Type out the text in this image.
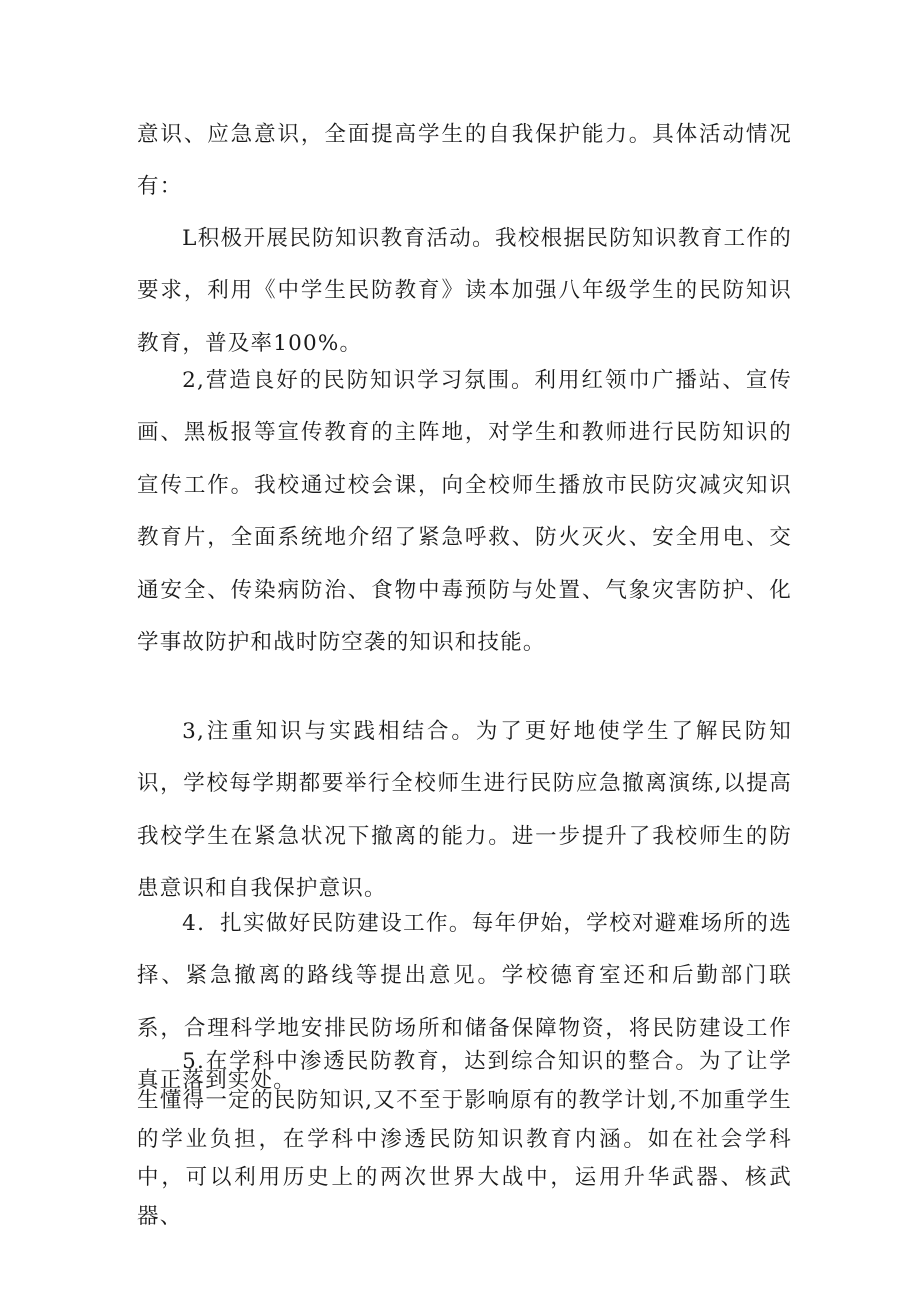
意识、应急意识，全面提高学生的自我保护能力。具体活动情况有：

L积极开展民防知识教育活动。我校根据民防知识教育工作的要求，利用《中学生民防教育》读本加强八年级学生的民防知识教育，普及率100%。

2,营造良好的民防知识学习氛围。利用红领巾广播站、宣传画、黑板报等宣传教育的主阵地，对学生和教师进行民防知识的宣传工作。我校通过校会课，向全校师生播放市民防灾减灾知识教育片，全面系统地介绍了紧急呼救、防火灭火、安全用电、交通安全、传染病防治、食物中毒预防与处置、气象灾害防护、化学事故防护和战时防空袭的知识和技能。

3,注重知识与实践相结合。为了更好地使学生了解民防知识，学校每学期都要举行全校师生进行民防应急撤离演练,以提高我校学生在紧急状况下撤离的能力。进一步提升了我校师生的防患意识和自我保护意识。

4．扎实做好民防建设工作。每年伊始，学校对避难场所的选择、紧急撤离的路线等提出意见。学校德育室还和后勤部门联系，合理科学地安排民防场所和储备保障物资，将民防建设工作真正落到实处。

5.在学科中渗透民防教育，达到综合知识的整合。为了让学生懂得一定的民防知识,又不至于影响原有的教学计划,不加重学生的学业负担，在学科中渗透民防知识教育内涵。如在社会学科中，可以利用历史上的两次世界大战中，运用升华武器、核武器、
